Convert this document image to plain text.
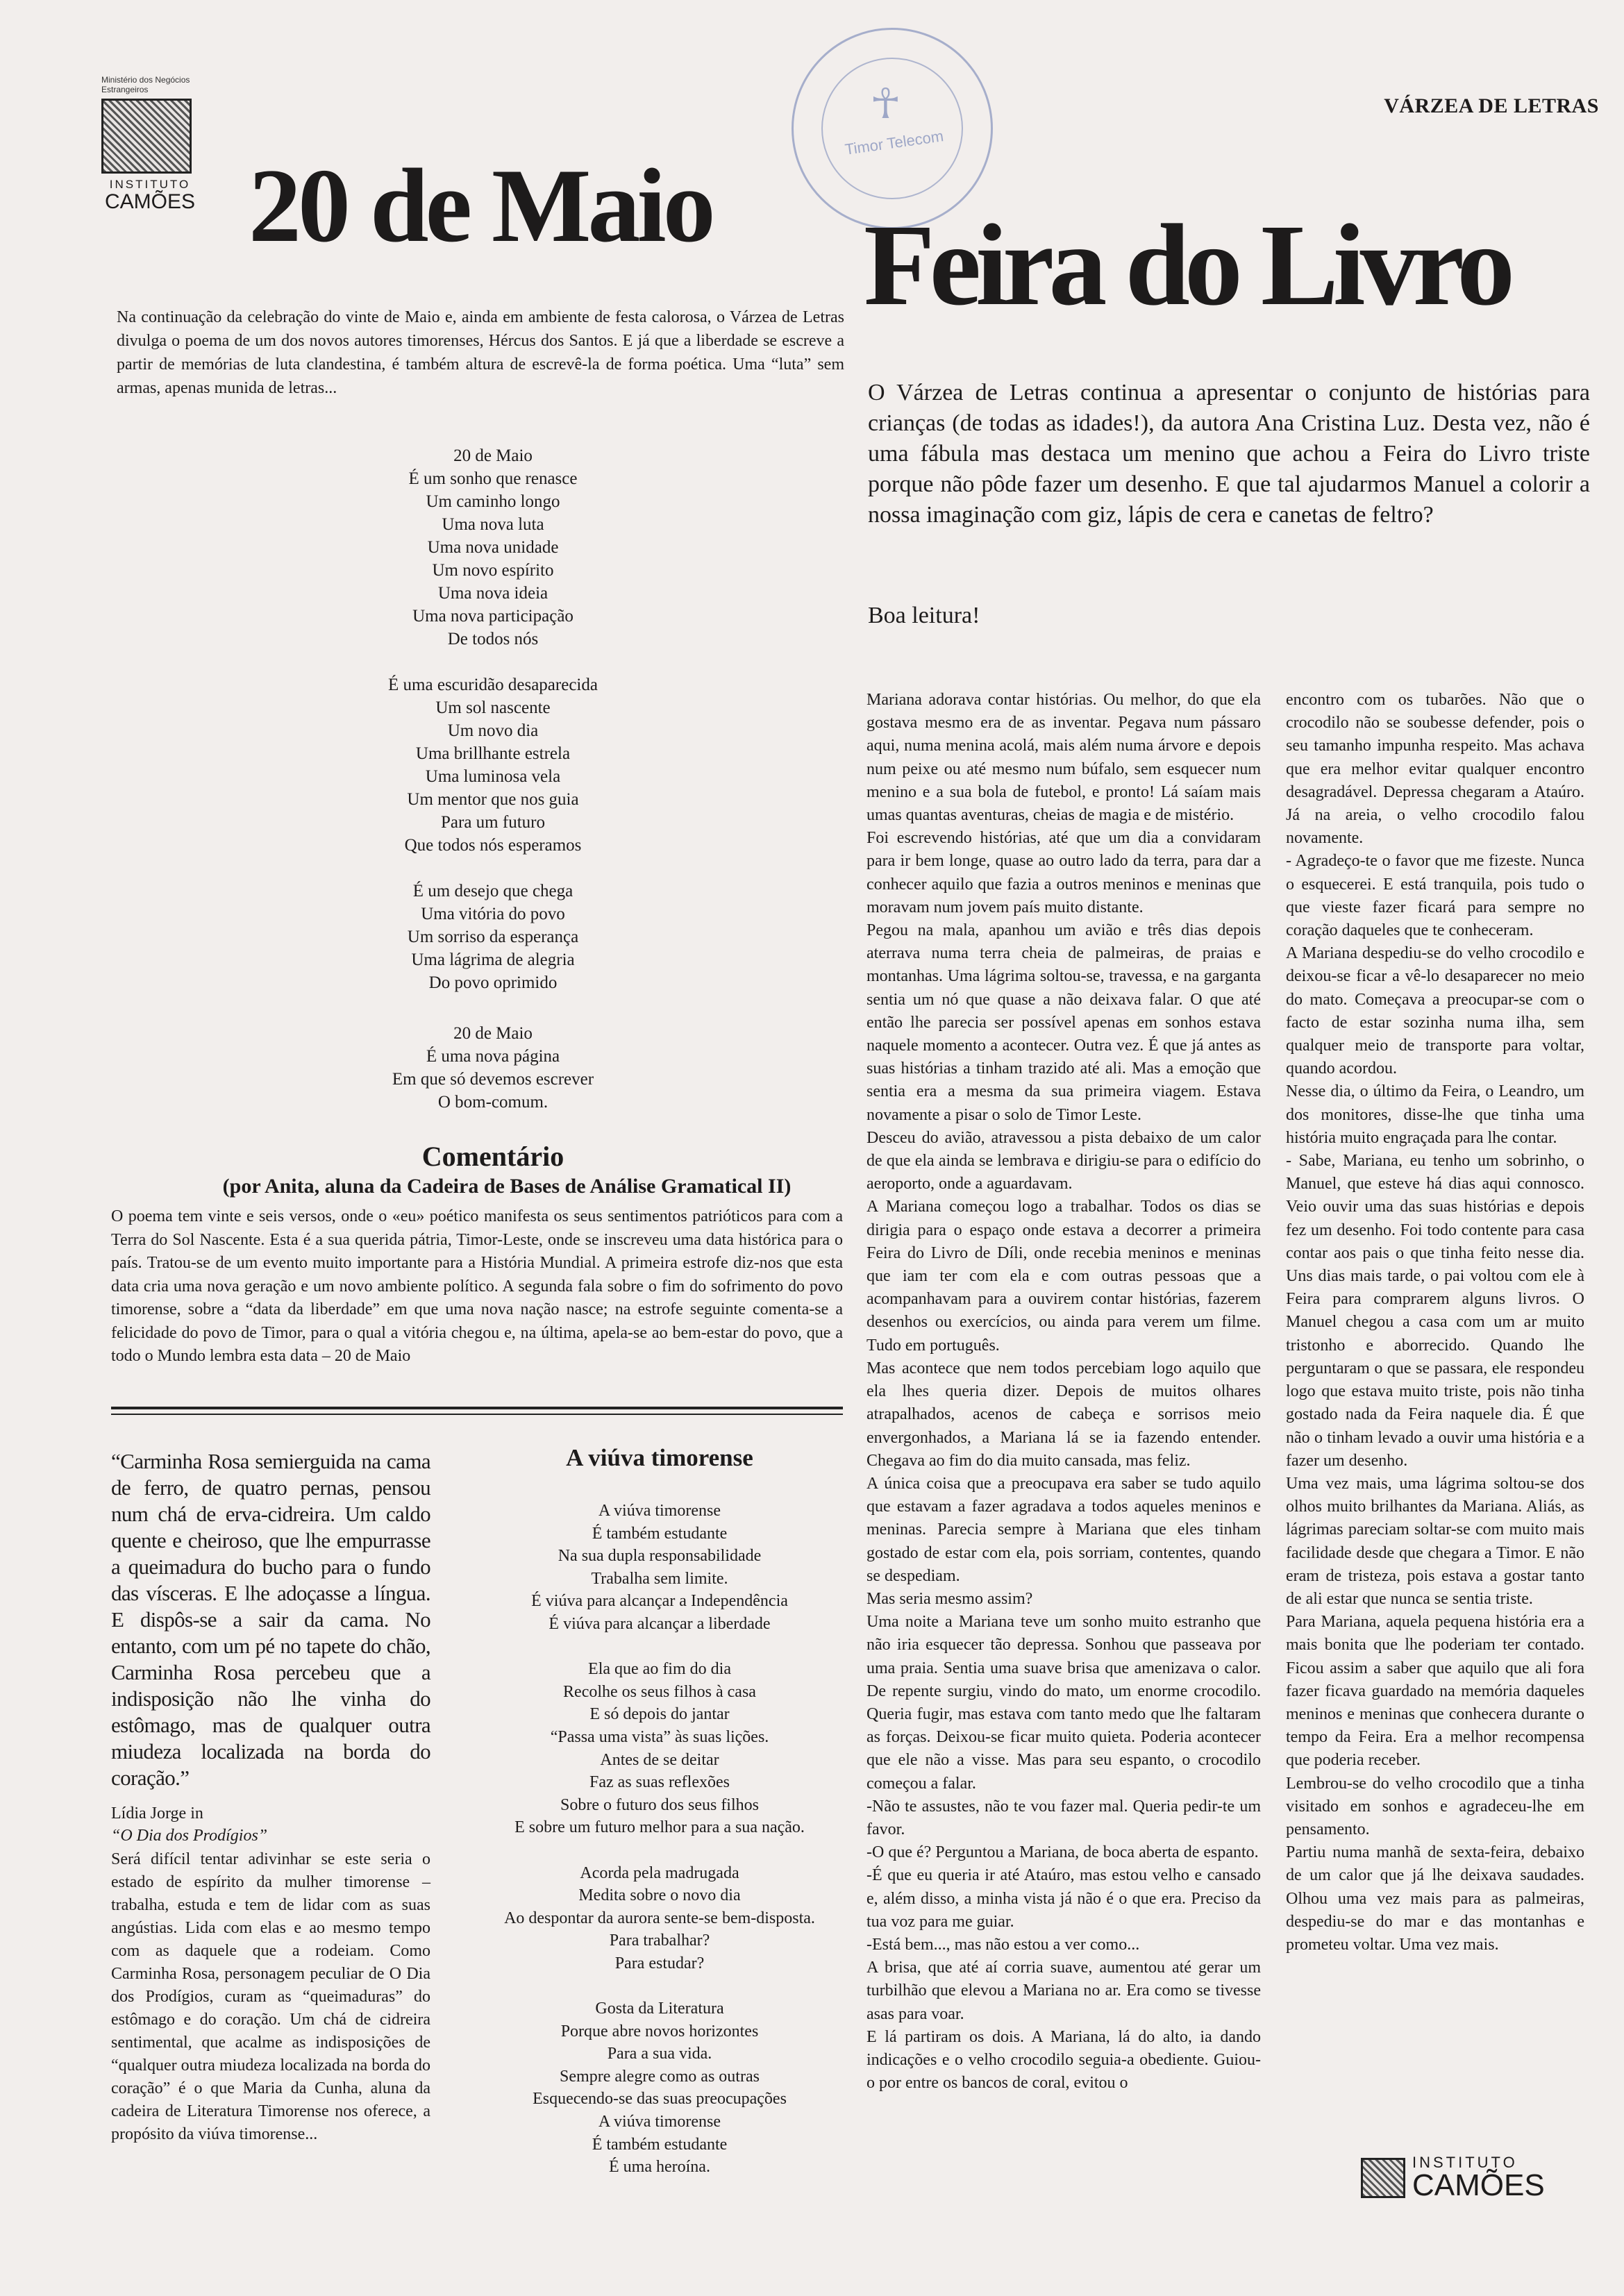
Ministério dos Negócios Estrangeiros
INSTITUTO
CAMÕES
☥
Timor Telecom
VÁRZEA DE LETRAS
20 de Maio
Na continuação da celebração do vinte de Maio e, ainda em ambiente de festa calorosa, o Várzea de Letras divulga o poema de um dos novos autores timorenses, Hércus dos Santos. E já que a liberdade se escreve a partir de memórias de luta clandestina, é também altura de escrevê-la de forma poética. Uma “luta” sem armas, apenas munida de letras...
20 de Maio
É um sonho que renasce
Um caminho longo
Uma nova luta
Uma nova unidade
Um novo espírito
Uma nova ideia
Uma nova participação
De todos nós
É uma escuridão desaparecida
Um sol nascente
Um novo dia
Uma brillhante estrela
Uma luminosa vela
Um mentor que nos guia
Para um futuro
Que todos nós esperamos
É um desejo que chega
Uma vitória do povo
Um sorriso da esperança
Uma lágrima de alegria
Do povo oprimido
20 de Maio
É uma nova página
Em que só devemos escrever
O bom-comum.
Comentário
(por Anita, aluna da Cadeira de Bases de Análise Gramatical II)
O poema tem vinte e seis versos, onde o «eu» poético manifesta os seus sentimentos patrióticos para com a Terra do Sol Nascente. Esta é a sua querida pátria, Timor-Leste, onde se inscreveu uma data histórica para o país. Tratou-se de um evento muito importante para a História Mundial. A primeira estrofe diz-nos que esta data cria uma nova geração e um novo ambiente político. A segunda fala sobre o fim do sofrimento do povo timorense, sobre a “data da liberdade” em que uma nova nação nasce; na estrofe seguinte comenta-se a felicidade do povo de Timor, para o qual a vitória chegou e, na última, apela-se ao bem-estar do povo, que a todo o Mundo lembra esta data – 20 de Maio
“Carminha Rosa semierguida na cama de ferro, de quatro pernas, pensou num chá de erva-cidreira. Um caldo quente e cheiroso, que lhe empurrasse a queimadura do bucho para o fundo das vísceras. E lhe adoçasse a língua. E dispôs-se a sair da cama. No entanto, com um pé no tapete do chão, Carminha Rosa percebeu que a indisposição não lhe vinha do estômago, mas de qualquer outra miudeza localizada na borda do coração.”
Lídia Jorge in
“O Dia dos Prodígios”
Será difícil tentar adivinhar se este seria o estado de espírito da mulher timorense – trabalha, estuda e tem de lidar com as suas angústias. Lida com elas e ao mesmo tempo com as daquele que a rodeiam. Como Carminha Rosa, personagem peculiar de O Dia dos Prodígios, curam as “queimaduras” do estômago e do coração. Um chá de cidreira sentimental, que acalme as indisposições de “qualquer outra miudeza localizada na borda do coração” é o que Maria da Cunha, aluna da cadeira de Literatura Timorense nos oferece, a propósito da viúva timorense...
A viúva timorense
A viúva timorense
É também estudante
Na sua dupla responsabilidade
Trabalha sem limite.
É viúva para alcançar a Independência
É viúva para alcançar a liberdade
Ela que ao fim do dia
Recolhe os seus filhos à casa
E só depois do jantar
“Passa uma vista” às suas lições.
Antes de se deitar
Faz as suas reflexões
Sobre o futuro dos seus filhos
E sobre um futuro melhor para a sua nação.
Acorda pela madrugada
Medita sobre o novo dia
Ao despontar da aurora sente-se bem-disposta.
Para trabalhar?
Para estudar?
Gosta da Literatura
Porque abre novos horizontes
Para a sua vida.
Sempre alegre como as outras
Esquecendo-se das suas preocupações
A viúva timorense
É também estudante
É uma heroína.
Feira do Livro
O Várzea de Letras continua a apresentar o conjunto de histórias para crianças (de todas as idades!), da autora Ana Cristina Luz. Desta vez, não é uma fábula mas destaca um menino que achou a Feira do Livro triste porque não pôde fazer um desenho. E que tal ajudarmos Manuel a colorir a nossa imaginação com giz, lápis de cera e canetas de feltro?
Boa leitura!

Mariana adorava contar histórias. Ou melhor, do que ela gostava mesmo era de as inventar. Pegava num pássaro aqui, numa menina acolá, mais além numa árvore e depois num peixe ou até mesmo num búfalo, sem esquecer num menino e a sua bola de futebol, e pronto! Lá saíam mais umas quantas aventuras, cheias de magia e de mistério.

Foi escrevendo histórias, até que um dia a convidaram para ir bem longe, quase ao outro lado da terra, para dar a conhecer aquilo que fazia a outros meninos e meninas que moravam num jovem país muito distante.

Pegou na mala, apanhou um avião e três dias depois aterrava numa terra cheia de palmeiras, de praias e montanhas. Uma lágrima soltou-se, travessa, e na garganta sentia um nó que quase a não deixava falar. O que até então lhe parecia ser possível apenas em sonhos estava naquele momento a acontecer. Outra vez. É que já antes as suas histórias a tinham trazido até ali. Mas a emoção que sentia era a mesma da sua primeira viagem. Estava novamente a pisar o solo de Timor Leste.

Desceu do avião, atravessou a pista debaixo de um calor de que ela ainda se lembrava e dirigiu-se para o edifício do aeroporto, onde a aguardavam.

A Mariana começou logo a trabalhar. Todos os dias se dirigia para o espaço onde estava a decorrer a primeira Feira do Livro de Díli, onde recebia meninos e meninas que iam ter com ela e com outras pessoas que a acompanhavam para a ouvirem contar histórias, fazerem desenhos ou exercícios, ou ainda para verem um filme. Tudo em português.

Mas acontece que nem todos percebiam logo aquilo que ela lhes queria dizer. Depois de muitos olhares atrapalhados, acenos de cabeça e sorrisos meio envergonhados, a Mariana lá se ia fazendo entender. Chegava ao fim do dia muito cansada, mas feliz.

A única coisa que a preocupava era saber se tudo aquilo que estavam a fazer agradava a todos aqueles meninos e meninas. Parecia sempre à Mariana que eles tinham gostado de estar com ela, pois sorriam, contentes, quando se despediam.

Mas seria mesmo assim?

Uma noite a Mariana teve um sonho muito estranho que não iria esquecer tão depressa. Sonhou que passeava por uma praia. Sentia uma suave brisa que amenizava o calor. De repente surgiu, vindo do mato, um enorme crocodilo. Queria fugir, mas estava com tanto medo que lhe faltaram as forças. Deixou-se ficar muito quieta. Poderia acontecer que ele não a visse. Mas para seu espanto, o crocodilo começou a falar.

-Não te assustes, não te vou fazer mal. Queria pedir-te um favor.

-O que é? Perguntou a Mariana, de boca aberta de espanto.

-É que eu queria ir até Ataúro, mas estou velho e cansado e, além disso, a minha vista já não é o que era. Preciso da tua voz para me guiar.

-Está bem..., mas não estou a ver como...

A brisa, que até aí corria suave, aumentou até gerar um turbilhão que elevou a Mariana no ar. Era como se tivesse asas para voar.

E lá partiram os dois. A Mariana, lá do alto, ia dando indicações e o velho crocodilo seguia-a obediente. Guiou-o por entre os bancos de coral, evitou o

encontro com os tubarões. Não que o crocodilo não se soubesse defender, pois o seu tamanho impunha respeito. Mas achava que era melhor evitar qualquer encontro desagradável. Depressa chegaram a Ataúro. Já na areia, o velho crocodilo falou novamente.

- Agradeço-te o favor que me fizeste. Nunca o esquecerei. E está tranquila, pois tudo o que vieste fazer ficará para sempre no coração daqueles que te conheceram.

A Mariana despediu-se do velho crocodilo e deixou-se ficar a vê-lo desaparecer no meio do mato. Começava a preocupar-se com o facto de estar sozinha numa ilha, sem qualquer meio de transporte para voltar, quando acordou.

Nesse dia, o último da Feira, o Leandro, um dos monitores, disse-lhe que tinha uma história muito engraçada para lhe contar.

- Sabe, Mariana, eu tenho um sobrinho, o Manuel, que esteve há dias aqui connosco. Veio ouvir uma das suas histórias e depois fez um desenho. Foi todo contente para casa contar aos pais o que tinha feito nesse dia. Uns dias mais tarde, o pai voltou com ele à Feira para comprarem alguns livros. O Manuel chegou a casa com um ar muito tristonho e aborrecido. Quando lhe perguntaram o que se passara, ele respondeu logo que estava muito triste, pois não tinha gostado nada da Feira naquele dia. É que não o tinham levado a ouvir uma história e a fazer um desenho.

Uma vez mais, uma lágrima soltou-se dos olhos muito brilhantes da Mariana. Aliás, as lágrimas pareciam soltar-se com muito mais facilidade desde que chegara a Timor. E não eram de tristeza, pois estava a gostar tanto de ali estar que nunca se sentia triste.

Para Mariana, aquela pequena história era a mais bonita que lhe poderiam ter contado. Ficou assim a saber que aquilo que ali fora fazer ficava guardado na memória daqueles meninos e meninas que conhecera durante o tempo da Feira. Era a melhor recompensa que poderia receber.

Lembrou-se do velho crocodilo que a tinha visitado em sonhos e agradeceu-lhe em pensamento.

Partiu numa manhã de sexta-feira, debaixo de um calor que já lhe deixava saudades. Olhou uma vez mais para as palmeiras, despediu-se do mar e das montanhas e prometeu voltar. Uma vez mais.

INSTITUTO
CAMÕES
